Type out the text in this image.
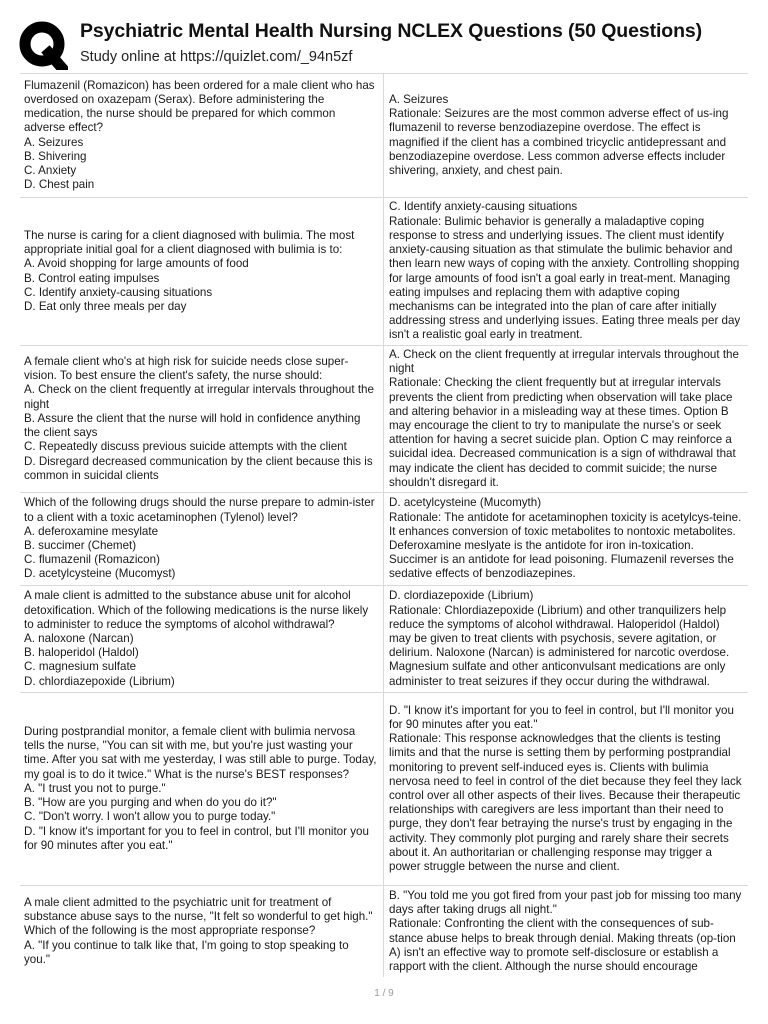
Psychiatric Mental Health Nursing NCLEX Questions (50 Questions)
Study online at https://quizlet.com/_94n5zf
Flumazenil (Romazicon) has been ordered for a male client who has overdosed on oxazepam (Serax). Before administering the medication, the nurse should be prepared for which common adverse effect?
A. Seizures
B. Shivering
C. Anxiety
D. Chest pain
A. Seizures
Rationale: Seizures are the most common adverse effect of us-ing flumazenil to reverse benzodiazepine overdose. The effect is magnified if the client has a combined tricyclic antidepressant and benzodiazepine overdose. Less common adverse effects includer shivering, anxiety, and chest pain.
The nurse is caring for a client diagnosed with bulimia. The most appropriate initial goal for a client diagnosed with bulimia is to:
A. Avoid shopping for large amounts of food
B. Control eating impulses
C. Identify anxiety-causing situations
D. Eat only three meals per day
C. Identify anxiety-causing situations
Rationale: Bulimic behavior is generally a maladaptive coping response to stress and underlying issues. The client must identify anxiety-causing situation as that stimulate the bulimic behavior and then learn new ways of coping with the anxiety. Controlling shopping for large amounts of food isn't a goal early in treat-ment. Managing eating impulses and replacing them with adaptive coping mechanisms can be integrated into the plan of care after initially addressing stress and underlying issues. Eating three meals per day isn't a realistic goal early in treatment.
A female client who's at high risk for suicide needs close super-vision. To best ensure the client's safety, the nurse should:
A. Check on the client frequently at irregular intervals throughout the night
B. Assure the client that the nurse will hold in confidence anything the client says
C. Repeatedly discuss previous suicide attempts with the client
D. Disregard decreased communication by the client because this is common in suicidal clients
A. Check on the client frequently at irregular intervals throughout the night
Rationale: Checking the client frequently but at irregular intervals prevents the client from predicting when observation will take place and altering behavior in a misleading way at these times. Option B may encourage the client to try to manipulate the nurse's or seek attention for having a secret suicide plan. Option C may reinforce a suicidal idea. Decreased communication is a sign of withdrawal that may indicate the client has decided to commit suicide; the nurse shouldn't disregard it.
Which of the following drugs should the nurse prepare to admin-ister to a client with a toxic acetaminophen (Tylenol) level?
A. deferoxamine mesylate
B. succimer (Chemet)
C. flumazenil (Romazicon)
D. acetylcysteine (Mucomyst)
D. acetylcysteine (Mucomyth)
Rationale: The antidote for acetaminophen toxicity is acetylcys-teine. It enhances conversion of toxic metabolites to nontoxic metabolites. Deferoxamine meslyate is the antidote for iron in-toxication. Succimer is an antidote for lead poisoning. Flumazenil reverses the sedative effects of benzodiazepines.
A male client is admitted to the substance abuse unit for alcohol detoxification. Which of the following medications is the nurse likely to administer to reduce the symptoms of alcohol withdrawal?
A. naloxone (Narcan)
B. haloperidol (Haldol)
C. magnesium sulfate
D. chlordiazepoxide (Librium)
D. clordiazepoxide (Librium)
Rationale: Chlordiazepoxide (Librium) and other tranquilizers help reduce the symptoms of alcohol withdrawal. Haloperidol (Haldol) may be given to treat clients with psychosis, severe agitation, or delirium. Naloxone (Narcan) is administered for narcotic overdose. Magnesium sulfate and other anticonvulsant medications are only administer to treat seizures if they occur during the withdrawal.
During postprandial monitor, a female client with bulimia nervosa tells the nurse, "You can sit with me, but you're just wasting your time. After you sat with me yesterday, I was still able to purge. Today, my goal is to do it twice." What is the nurse's BEST responses?
A. "I trust you not to purge."
B. "How are you purging and when do you do it?"
C. "Don't worry. I won't allow you to purge today."
D. "I know it's important for you to feel in control, but I'll monitor you for 90 minutes after you eat."
D. "I know it's important for you to feel in control, but I'll monitor you for 90 minutes after you eat."
Rationale: This response acknowledges that the clients is testing limits and that the nurse is setting them by performing postprandial monitoring to prevent self-induced eyes is. Clients with bulimia nervosa need to feel in control of the diet because they feel they lack control over all other aspects of their lives. Because their therapeutic relationships with caregivers are less important than their need to purge, they don't fear betraying the nurse's trust by engaging in the activity. They commonly plot purging and rarely share their secrets about it. An authoritarian or challenging response may trigger a power struggle between the nurse and client.
A male client admitted to the psychiatric unit for treatment of substance abuse says to the nurse, "It felt so wonderful to get high." Which of the following is the most appropriate response?
A. "If you continue to talk like that, I'm going to stop speaking to you."
B. "You told me you got fired from your past job for missing too many days after taking drugs all night."
Rationale: Confronting the client with the consequences of sub-stance abuse helps to break through denial. Making threats (op-tion A) isn't an effective way to promote self-disclosure or establish a rapport with the client. Although the nurse should encourage
1 / 9
